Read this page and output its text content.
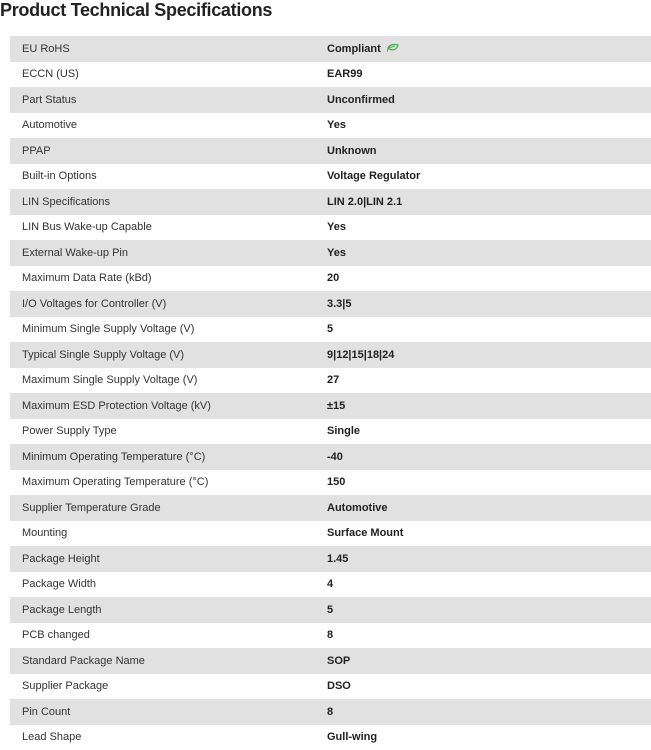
Product Technical Specifications
EU RoHS	Compliant
ECCN (US)	EAR99
Part Status	Unconfirmed
Automotive	Yes
PPAP	Unknown
Built-in Options	Voltage Regulator
LIN Specifications	LIN 2.0|LIN 2.1
LIN Bus Wake-up Capable	Yes
External Wake-up Pin	Yes
Maximum Data Rate (kBd)	20
I/O Voltages for Controller (V)	3.3|5
Minimum Single Supply Voltage (V)	5
Typical Single Supply Voltage (V)	9|12|15|18|24
Maximum Single Supply Voltage (V)	27
Maximum ESD Protection Voltage (kV)	±15
Power Supply Type	Single
Minimum Operating Temperature (°C)	-40
Maximum Operating Temperature (°C)	150
Supplier Temperature Grade	Automotive
Mounting	Surface Mount
Package Height	1.45
Package Width	4
Package Length	5
PCB changed	8
Standard Package Name	SOP
Supplier Package	DSO
Pin Count	8
Lead Shape	Gull-wing
